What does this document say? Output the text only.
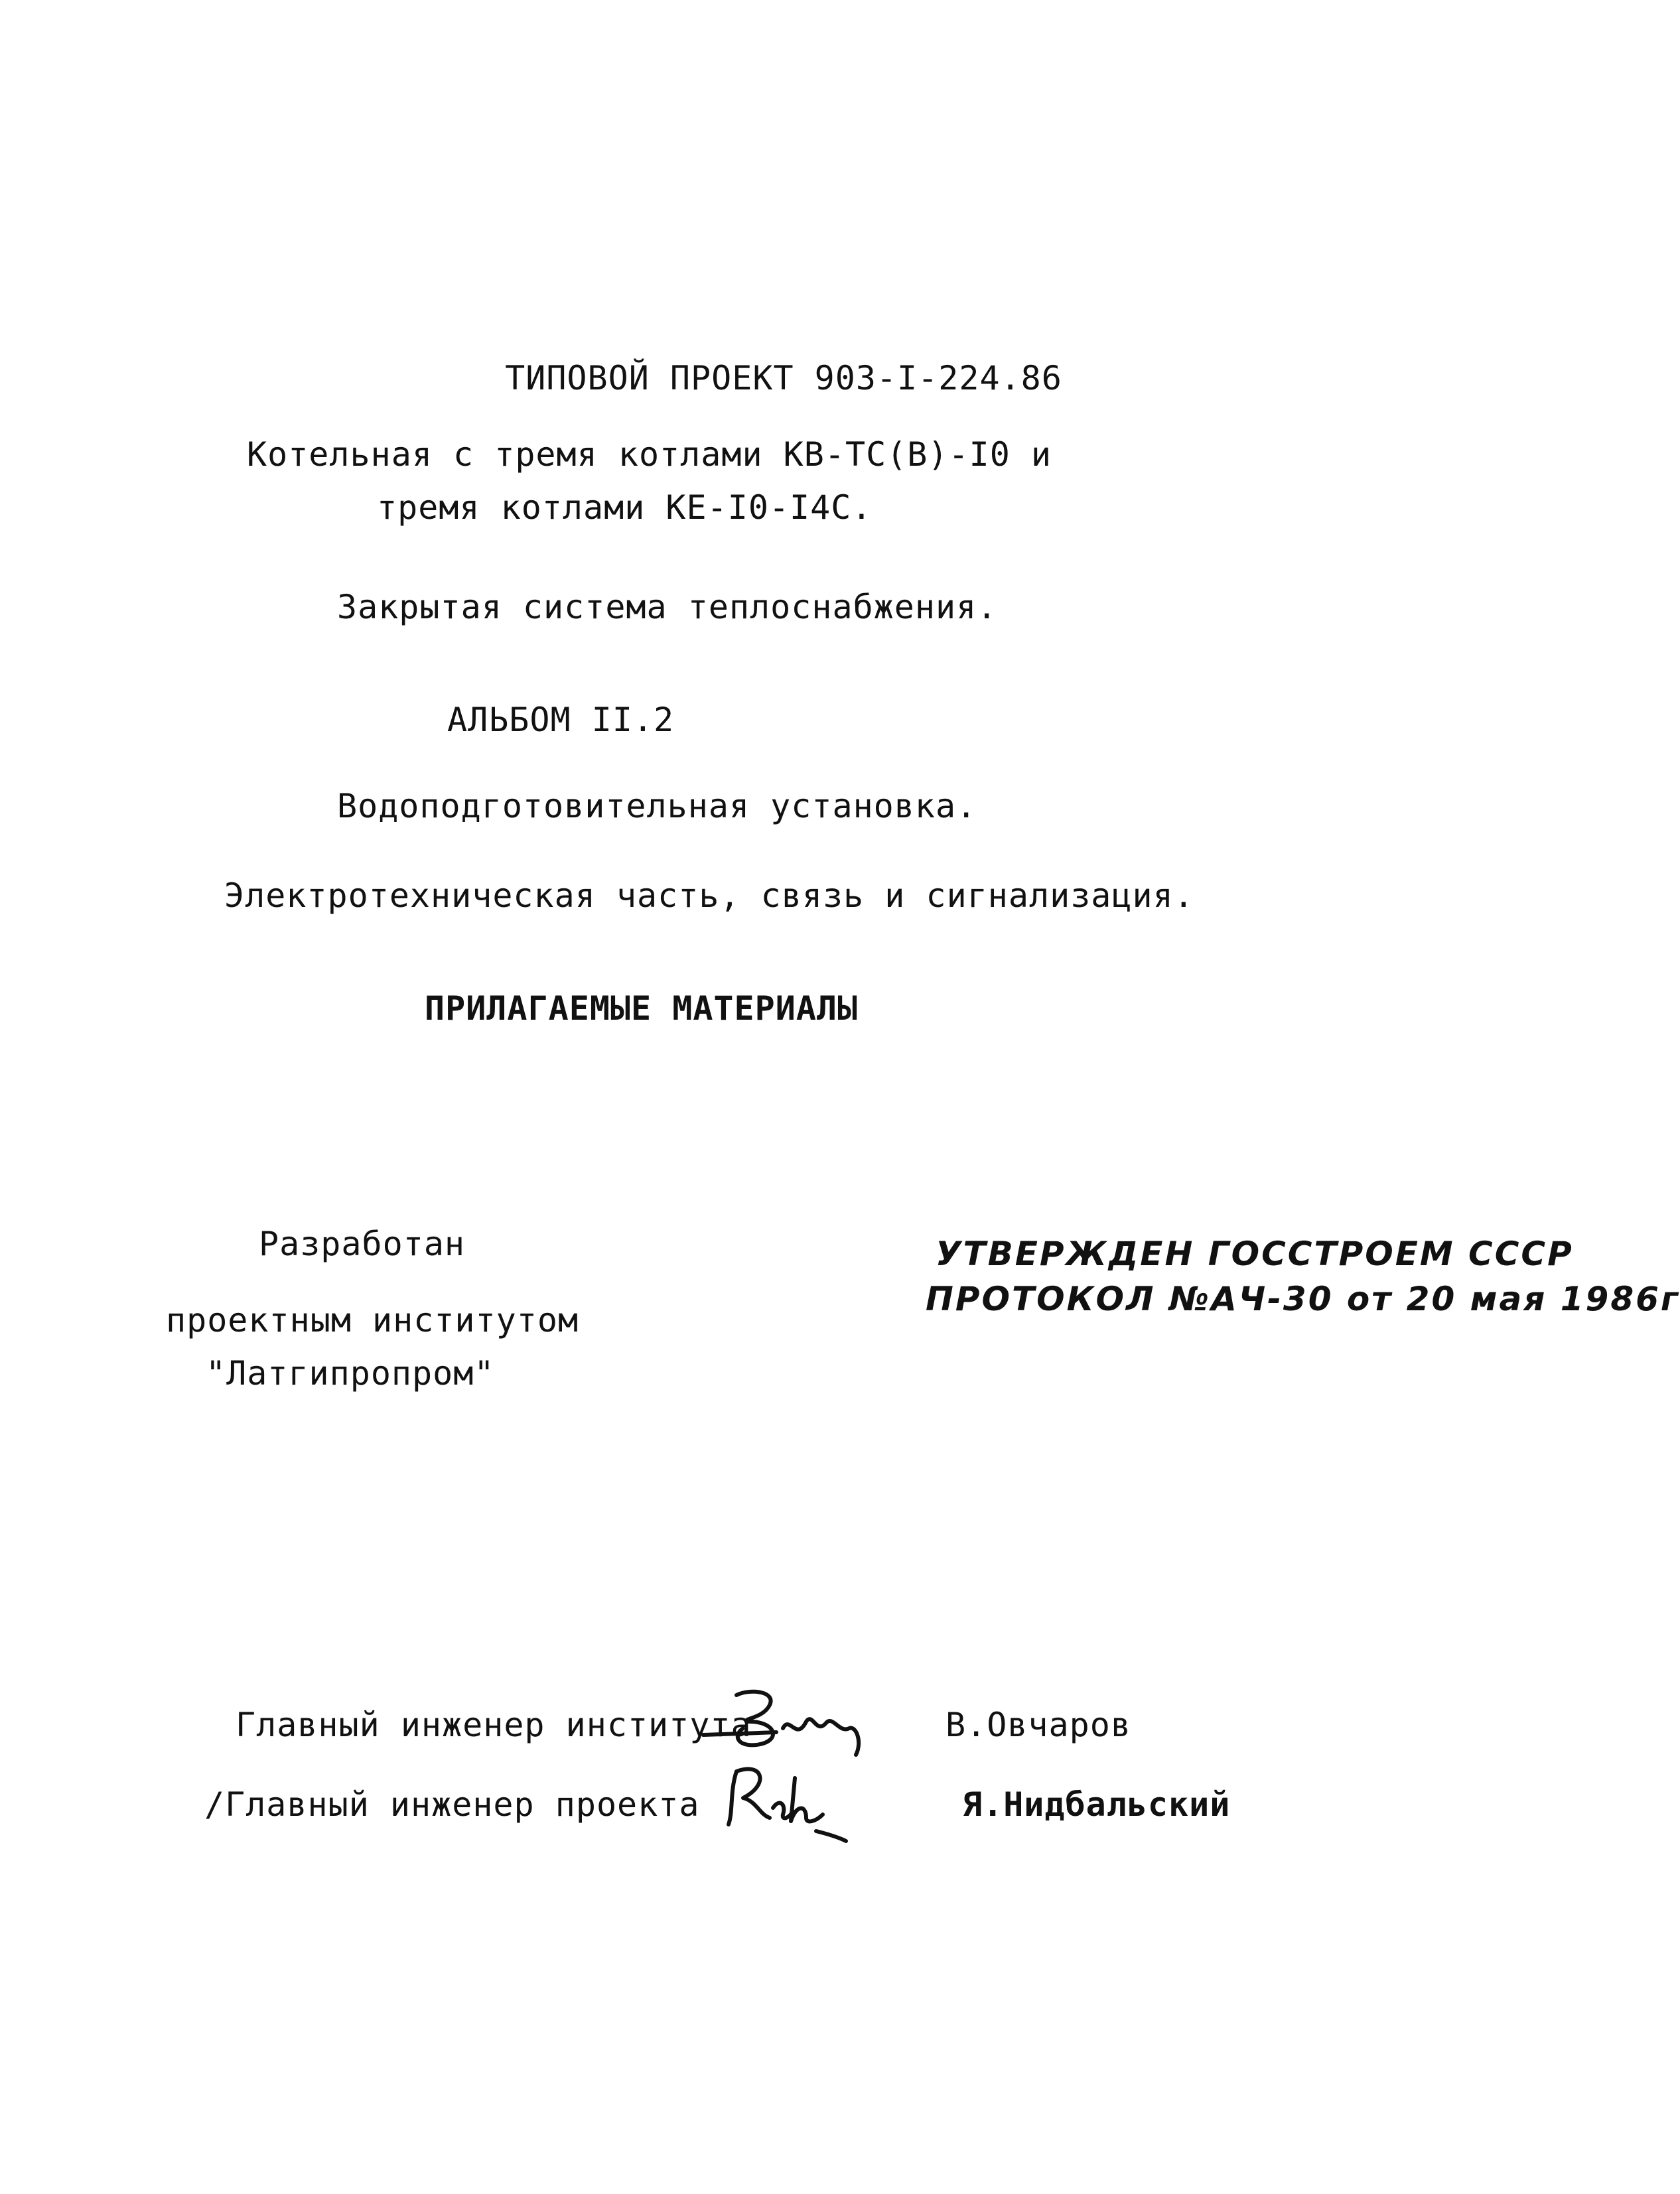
ТИПОВОЙ ПРОЕКТ 903-I-224.86
Котельная с тремя котлами КВ-ТС(В)-I0 и
тремя котлами КЕ-I0-I4С.
Закрытая система теплоснабжения.
АЛЬБОМ II.2
Водоподготовительная установка.
Электротехническая часть, связь и сигнализация.
ПРИЛАГАЕМЫЕ МАТЕРИАЛЫ
Разработан
проектным институтом
"Латгипропром"
УТВЕРЖДЕН ГОССТРОЕМ СССР
ПРОТОКОЛ №АЧ-30 от 20 мая 1986г
Главный инженер института	В.Овчаров
/Главный инженер проекта	Я.Нидбальский
